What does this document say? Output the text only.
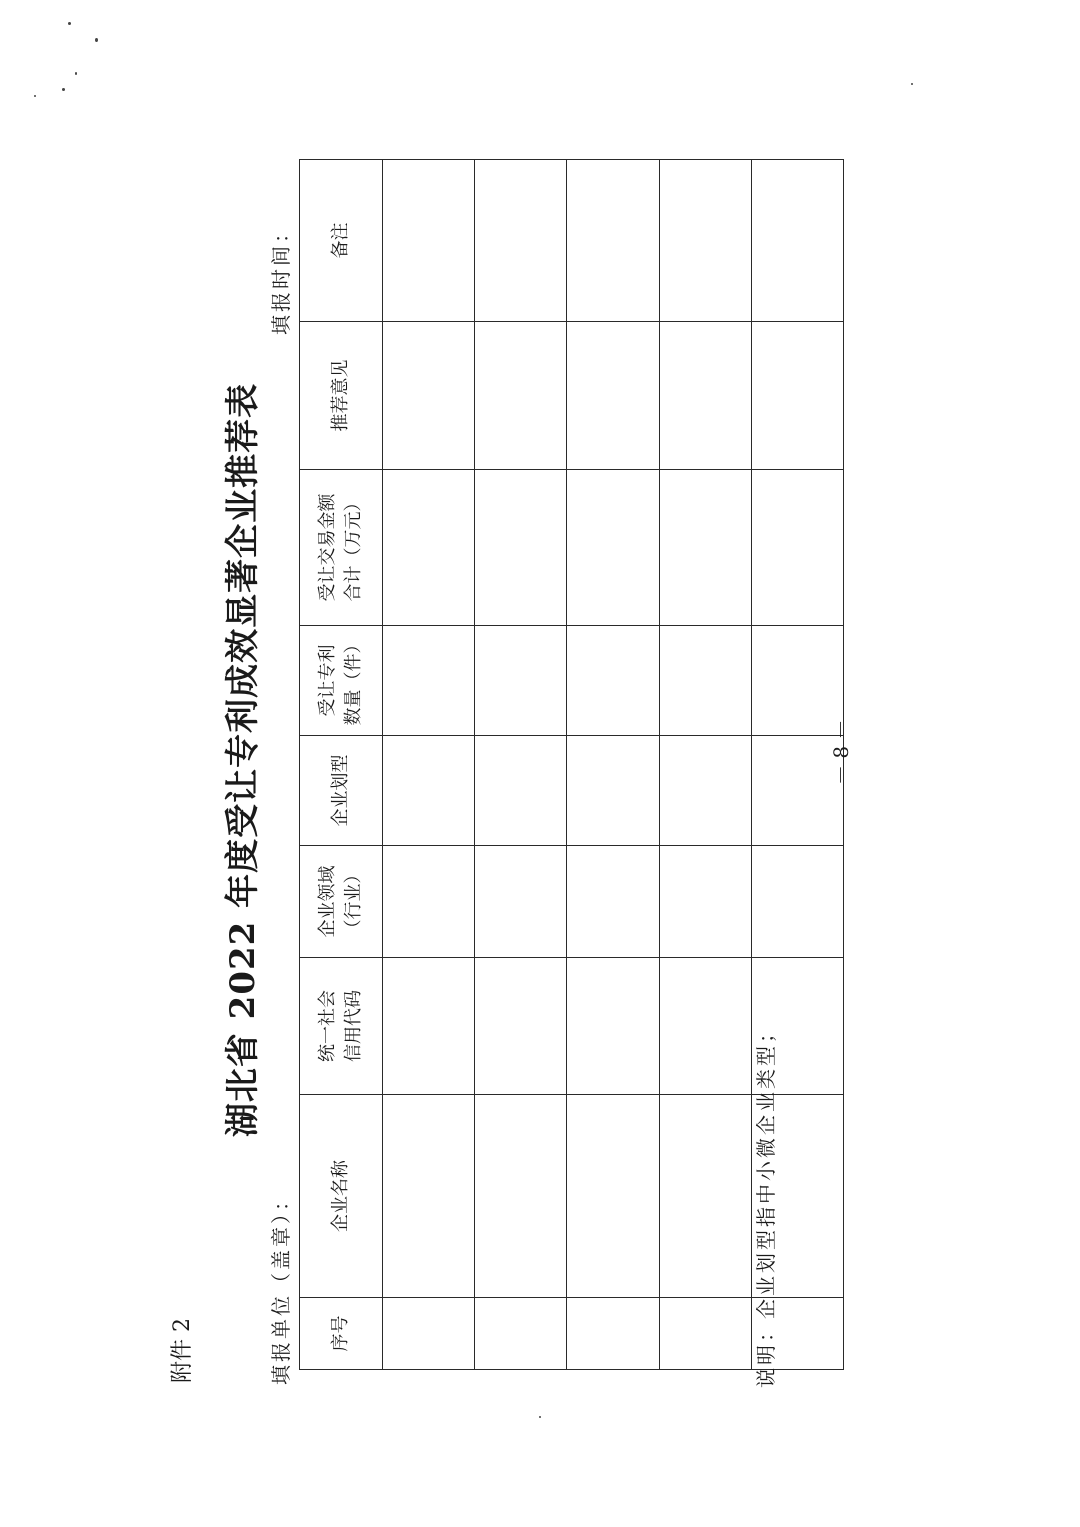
附件 2
湖北省 2022 年度受让专利成效显著企业推荐表
填报单位（盖章）：
填报时间：
序号	企业名称	统一社会 信用代码	企业领域 （行业）	企业划型	受让专利 数量（件）	受让交易金额 合计（万元）	推荐意见	备注

说明：企业划型指中小微企业类型；
－ 8 －
